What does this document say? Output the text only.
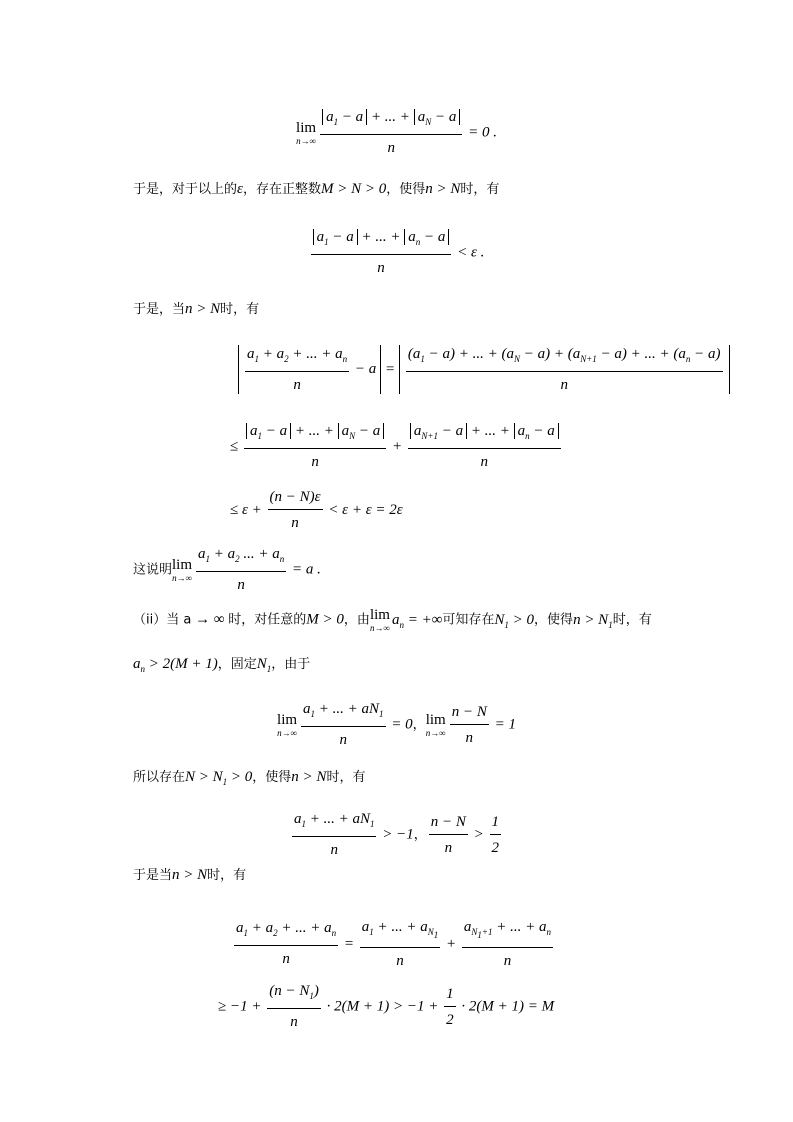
lim
$n\to\infty \frac{a_1 - a + ... + a_N - a}{n} = 0$ .
于是，对于以上的ε，存在正整数M > N > 0，使得n > N时，有
$\frac{a_1 - a + ... + a_n - a}{n} < \varepsilon$ .
于是，当n > N时，有
$\frac{a_1 + a_2 + ... + a_n}{n} - a = \frac{(a_1 - a) + ... + (a_N - a) + (a_{N+1} - a) + ... + (a_n - a)}{n}$
≤ $\frac{a_1 - a + ... + a_N - a}{n} + \frac{a_{N+1} - a + ... + a_n - a}{n}$
≤ $\varepsilon + \frac{(n - N)\varepsilon}{n} < \varepsilon + \varepsilon = 2\varepsilon$
这说明 lim
$n\to\infty \frac{a_1 + a_2 ... + a_n}{n} = a$ .
（ii）当 a → ∞ 时，对任意的M > 0，由 lim
n→∞
$a_n$ = +∞可知存在$N_1 > 0$，使得$n > N_1$时，有
$a_n > 2(M + 1)$，固定$N_1$，由于
lim
$n\to\infty \frac{a_1 + ... + aN_1}{n} = 0$， lim
$n\to\infty \frac{n - N}{n} = 1$
所以存在$N > N_1 > 0$，使得n > N时，有
$\frac{a_1 + ... + aN_1}{n} > -1$， $\frac{n - N}{n} > \frac{1}{2}$
于是当n > N时，有
$\frac{a_1 + a_2 + ... + a_n}{n} = \frac{a_1 + ... + a_{N_1}}{n} + \frac{a_{N_1+1} + ... + a_n}{n}$
≥ $-1 + \frac{(n - N_1)}{n} \cdot 2(M + 1) > -1 + \frac{1}{2} \cdot 2(M + 1) = M$
